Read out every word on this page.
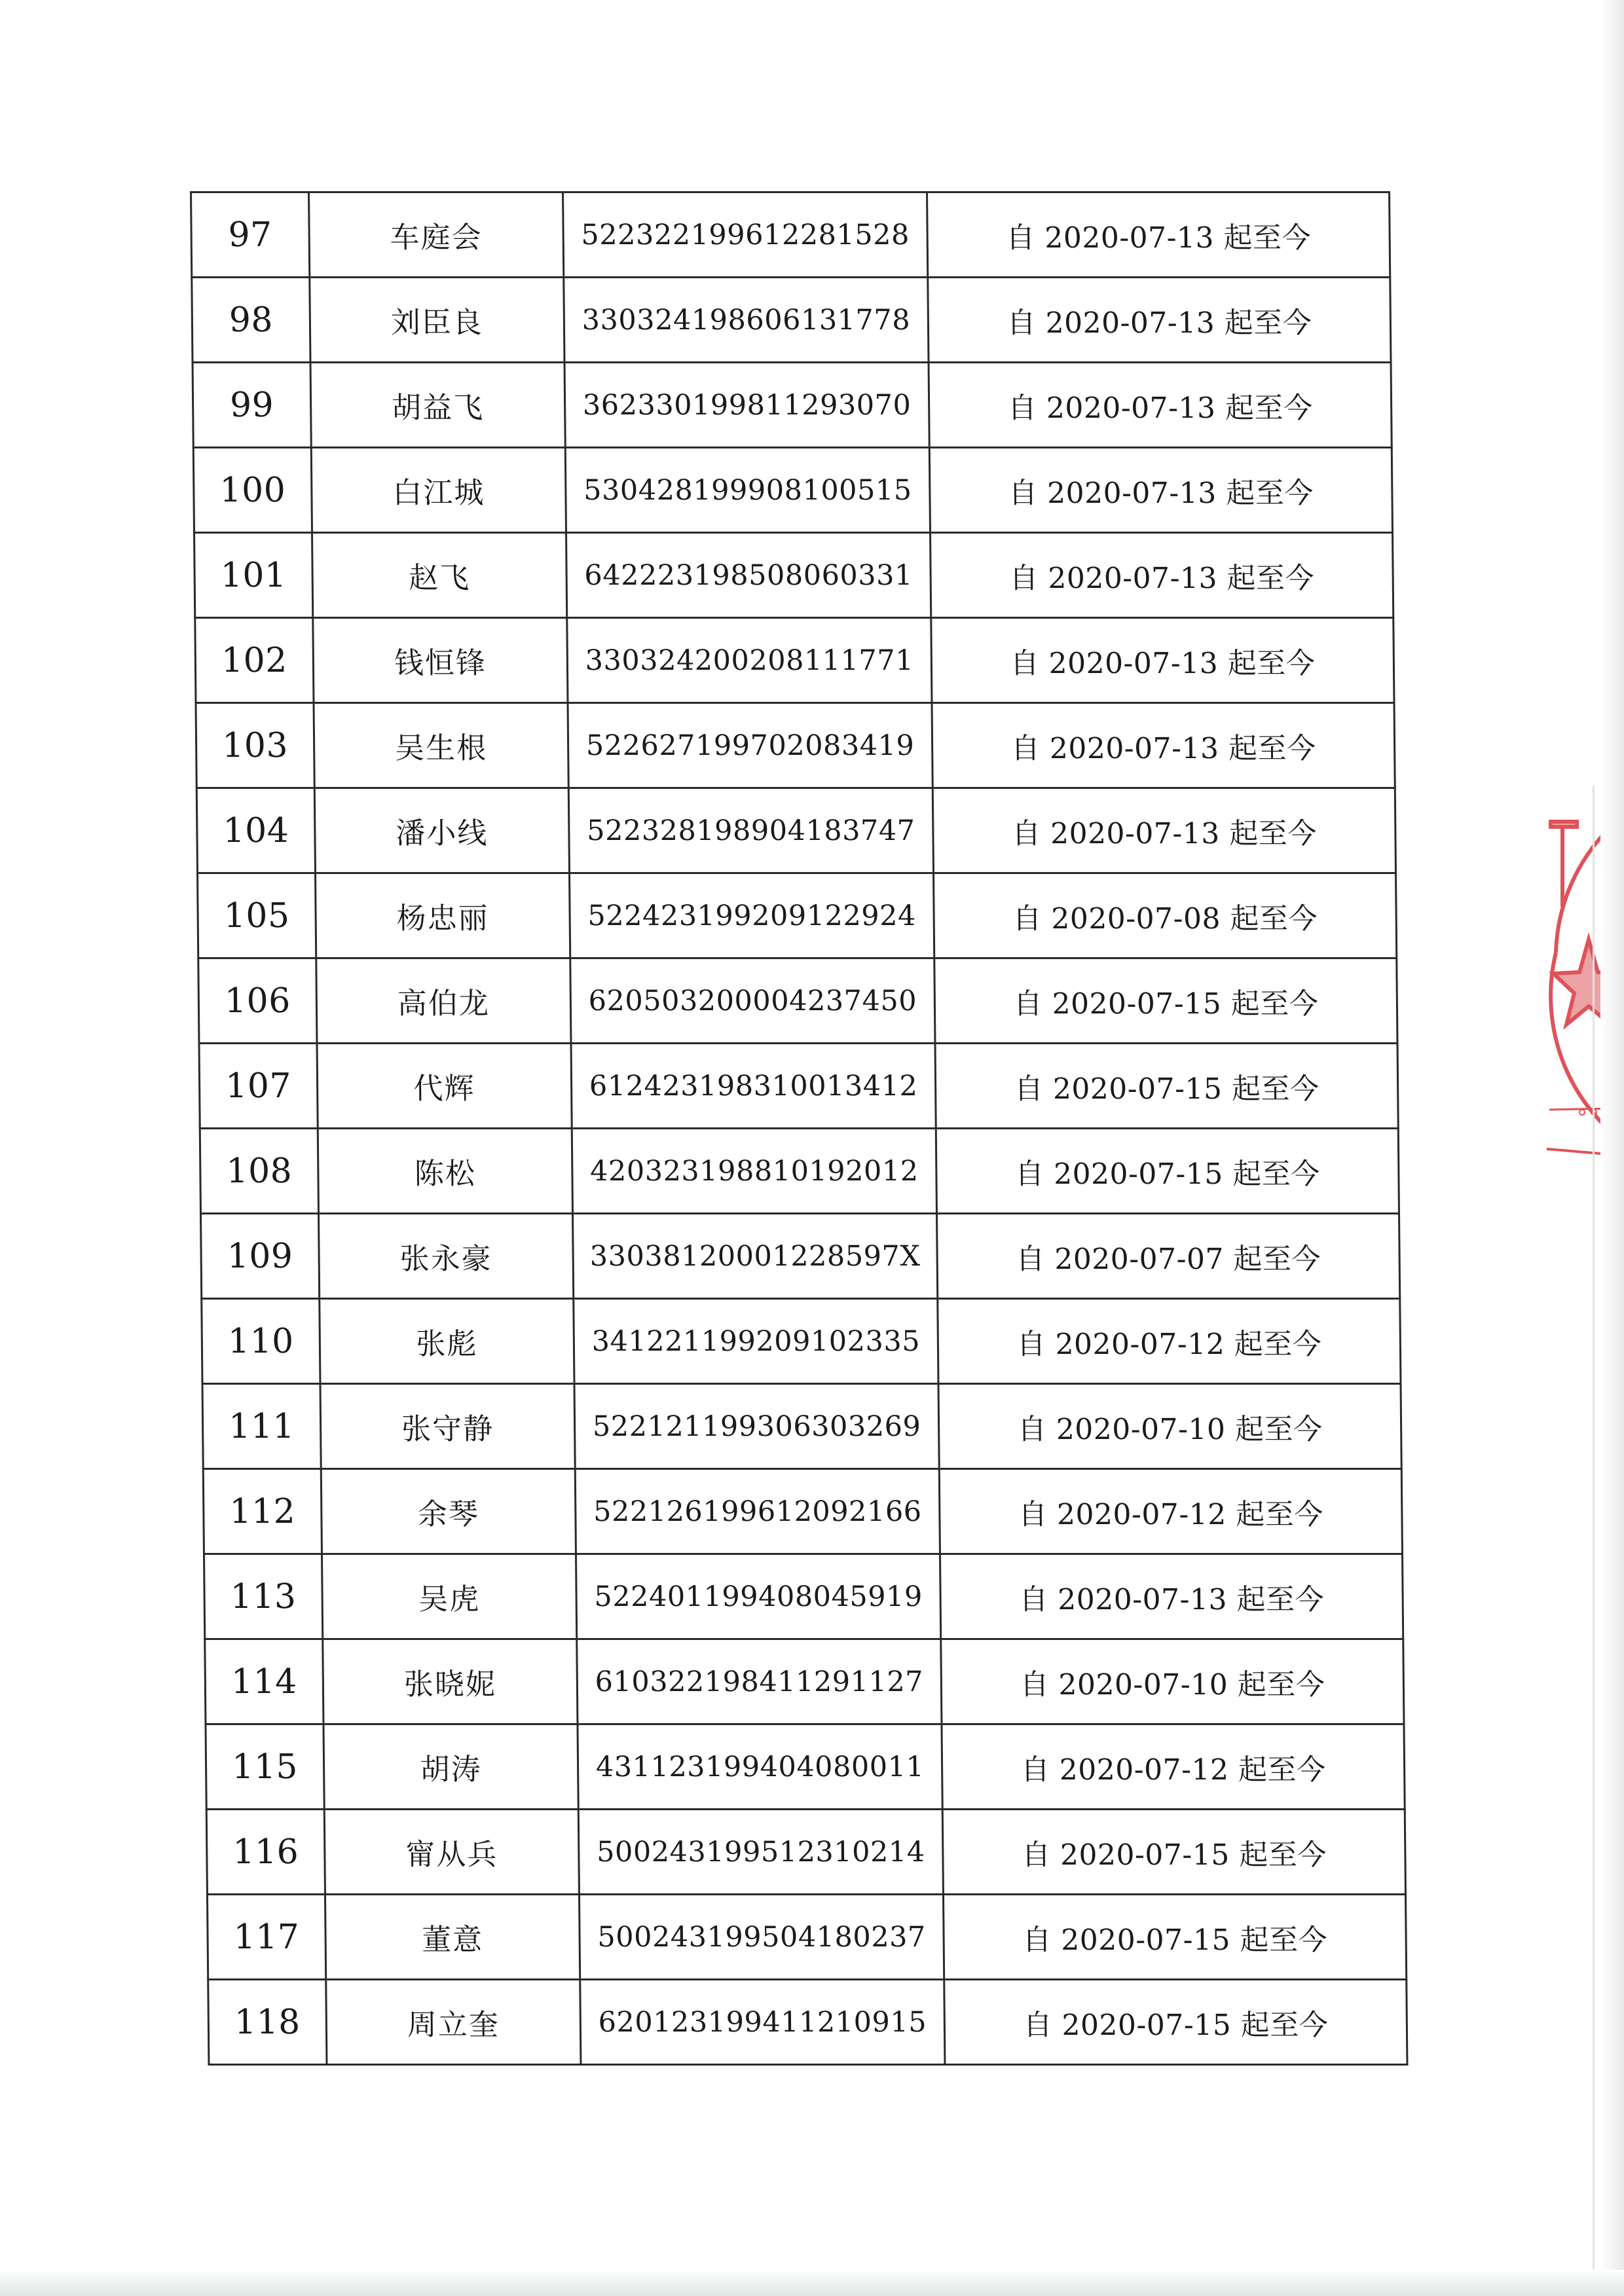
97	车庭会	522322199612281528	自 2020-07-13 起至今
98	刘臣良	330324198606131778	自 2020-07-13 起至今
99	胡益飞	362330199811293070	自 2020-07-13 起至今
100	白江城	530428199908100515	自 2020-07-13 起至今
101	赵飞	642223198508060331	自 2020-07-13 起至今
102	钱恒锋	330324200208111771	自 2020-07-13 起至今
103	吴生根	522627199702083419	自 2020-07-13 起至今
104	潘小线	522328198904183747	自 2020-07-13 起至今
105	杨忠丽	522423199209122924	自 2020-07-08 起至今
106	高伯龙	620503200004237450	自 2020-07-15 起至今
107	代辉	612423198310013412	自 2020-07-15 起至今
108	陈松	420323198810192012	自 2020-07-15 起至今
109	张永豪	33038120001228597X	自 2020-07-07 起至今
110	张彪	341221199209102335	自 2020-07-12 起至今
111	张守静	522121199306303269	自 2020-07-10 起至今
112	余琴	522126199612092166	自 2020-07-12 起至今
113	吴虎	522401199408045919	自 2020-07-13 起至今
114	张晓妮	610322198411291127	自 2020-07-10 起至今
115	胡涛	431123199404080011	自 2020-07-12 起至今
116	甯从兵	500243199512310214	自 2020-07-15 起至今
117	董意	500243199504180237	自 2020-07-15 起至今
118	周立奎	620123199411210915	自 2020-07-15 起至今
